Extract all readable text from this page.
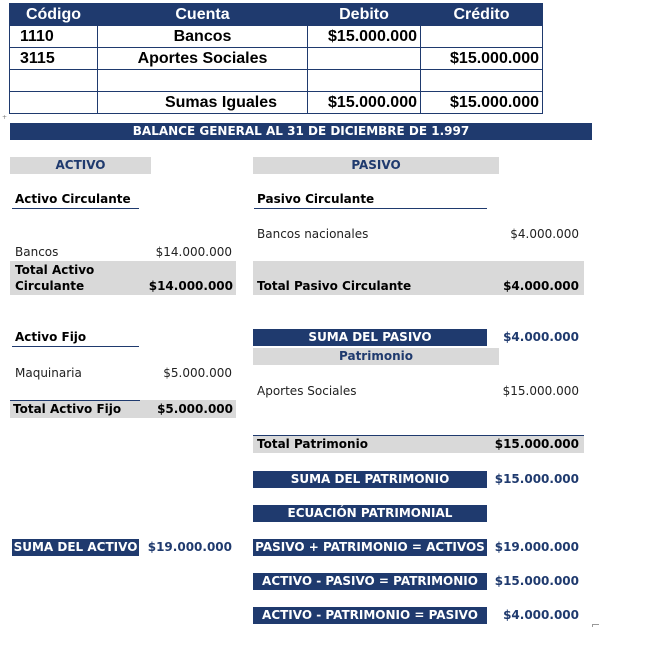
Código	Cuenta	Debito	Crédito
1110	Bancos	$15.000.000	
3115	Aportes Sociales		$15.000.000

	Sumas Iguales	$15.000.000	$15.000.000
+
BALANCE GENERAL AL 31 DE DICIEMBRE DE 1.997
ACTIVO
Activo Circulante
Bancos	$14.000.000
Total Activo Circulante	$14.000.000
Activo Fijo
Maquinaria	$5.000.000
Total Activo Fijo	$5.000.000
SUMA DEL ACTIVO $19.000.000
PASIVO
Pasivo Circulante
Bancos nacionales	$4.000.000
Total Pasivo Circulante	$4.000.000
SUMA DEL PASIVO	$4.000.000
Patrimonio
Aportes Sociales	$15.000.000
Total Patrimonio	$15.000.000
SUMA DEL PATRIMONIO	$15.000.000
ECUACIÓN PATRIMONIAL
PASIVO + PATRIMONIO = ACTIVOS $19.000.000
ACTIVO - PASIVO = PATRIMONIO	$15.000.000
ACTIVO - PATRIMONIO = PASIVO	$4.000.000
